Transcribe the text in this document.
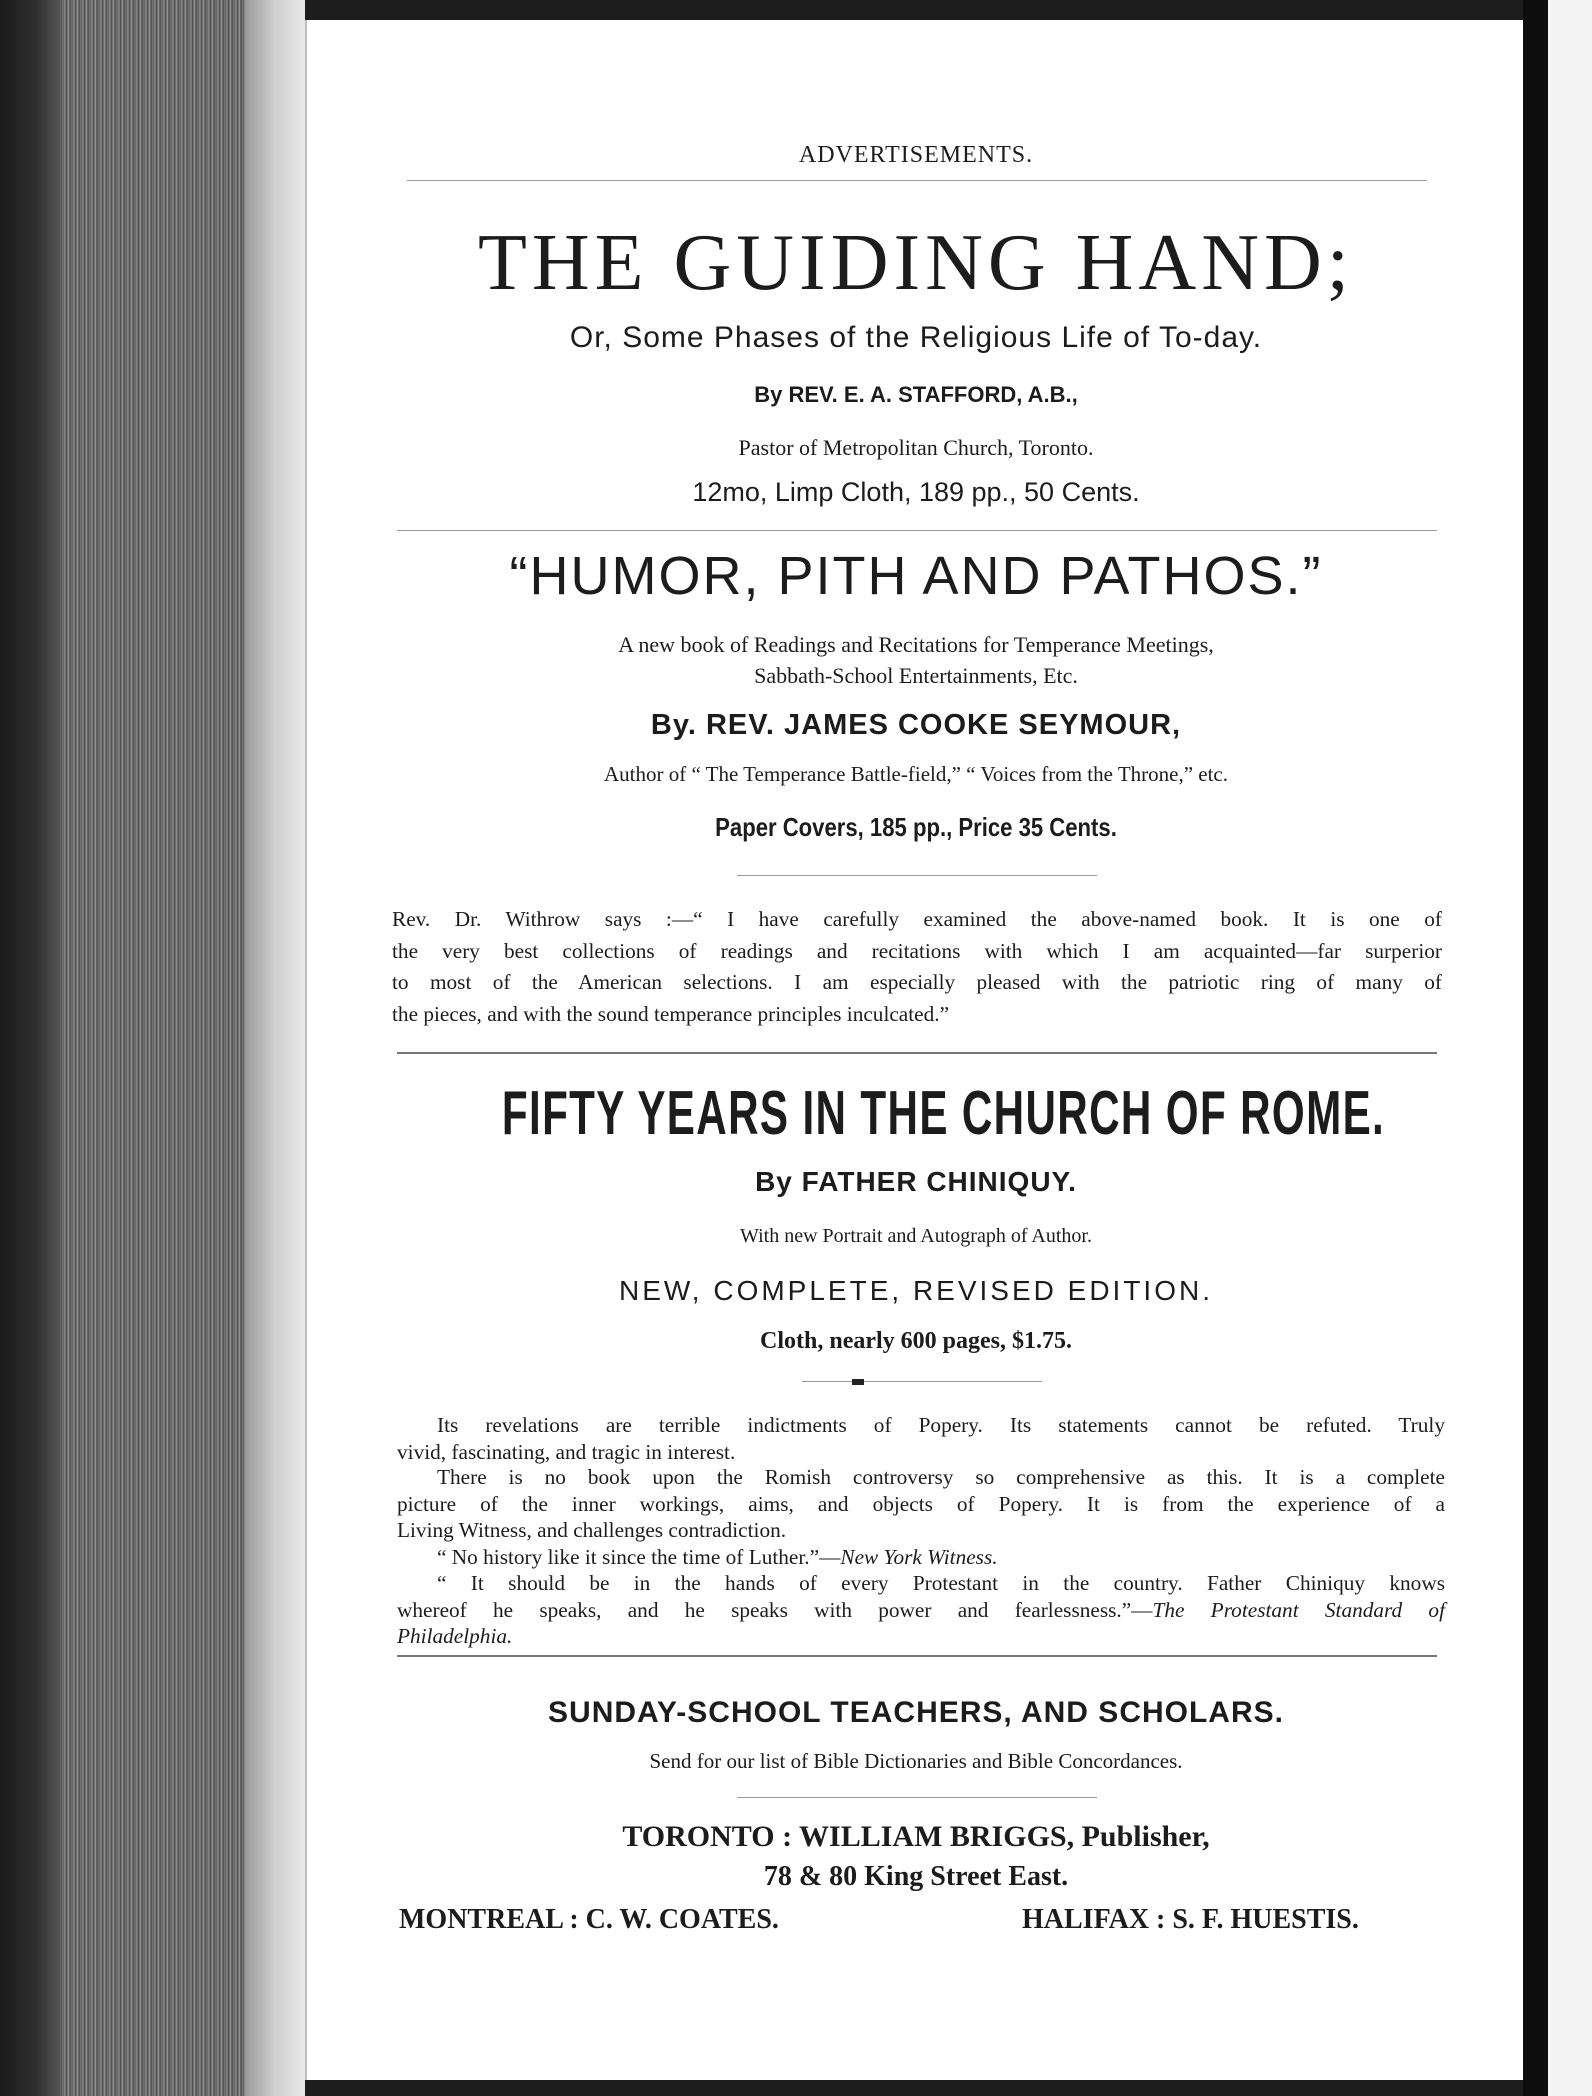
ADVERTISEMENTS.
THE GUIDING HAND;
Or, Some Phases of the Religious Life of To-day.
By REV. E. A. STAFFORD, A.B.,
Pastor of Metropolitan Church, Toronto.
12mo, Limp Cloth, 189 pp., 50 Cents.
“HUMOR, PITH AND PATHOS.”
A new book of Readings and Recitations for Temperance Meetings,
Sabbath-School Entertainments, Etc.
By. REV. JAMES COOKE SEYMOUR,
Author of “ The Temperance Battle-field,” “ Voices from the Throne,” etc.
Paper Covers, 185 pp., Price 35 Cents.
Rev. Dr. Withrow says :—“ I have carefully examined the above-named book. It is one of
the very best collections of readings and recitations with which I am acquainted—far surperior
to most of the American selections. I am especially pleased with the patriotic ring of many of
the pieces, and with the sound temperance principles inculcated.”
FIFTY YEARS IN THE CHURCH OF ROME.
By FATHER CHINIQUY.
With new Portrait and Autograph of Author.
NEW, COMPLETE, REVISED EDITION.
Cloth, nearly 600 pages, $1.75.
Its revelations are terrible indictments of Popery. Its statements cannot be refuted. Truly
vivid, fascinating, and tragic in interest.
There is no book upon the Romish controversy so comprehensive as this. It is a complete
picture of the inner workings, aims, and objects of Popery. It is from the experience of a
Living Witness, and challenges contradiction.
“ No history like it since the time of Luther.”—New York Witness.
“ It should be in the hands of every Protestant in the country. Father Chiniquy knows
whereof he speaks, and he speaks with power and fearlessness.”—The Protestant Standard of
Philadelphia.
SUNDAY-SCHOOL TEACHERS, AND SCHOLARS.
Send for our list of Bible Dictionaries and Bible Concordances.
TORONTO : WILLIAM BRIGGS, Publisher,
78 & 80 King Street East.
MONTREAL : C. W. COATES.	HALIFAX : S. F. HUESTIS.
